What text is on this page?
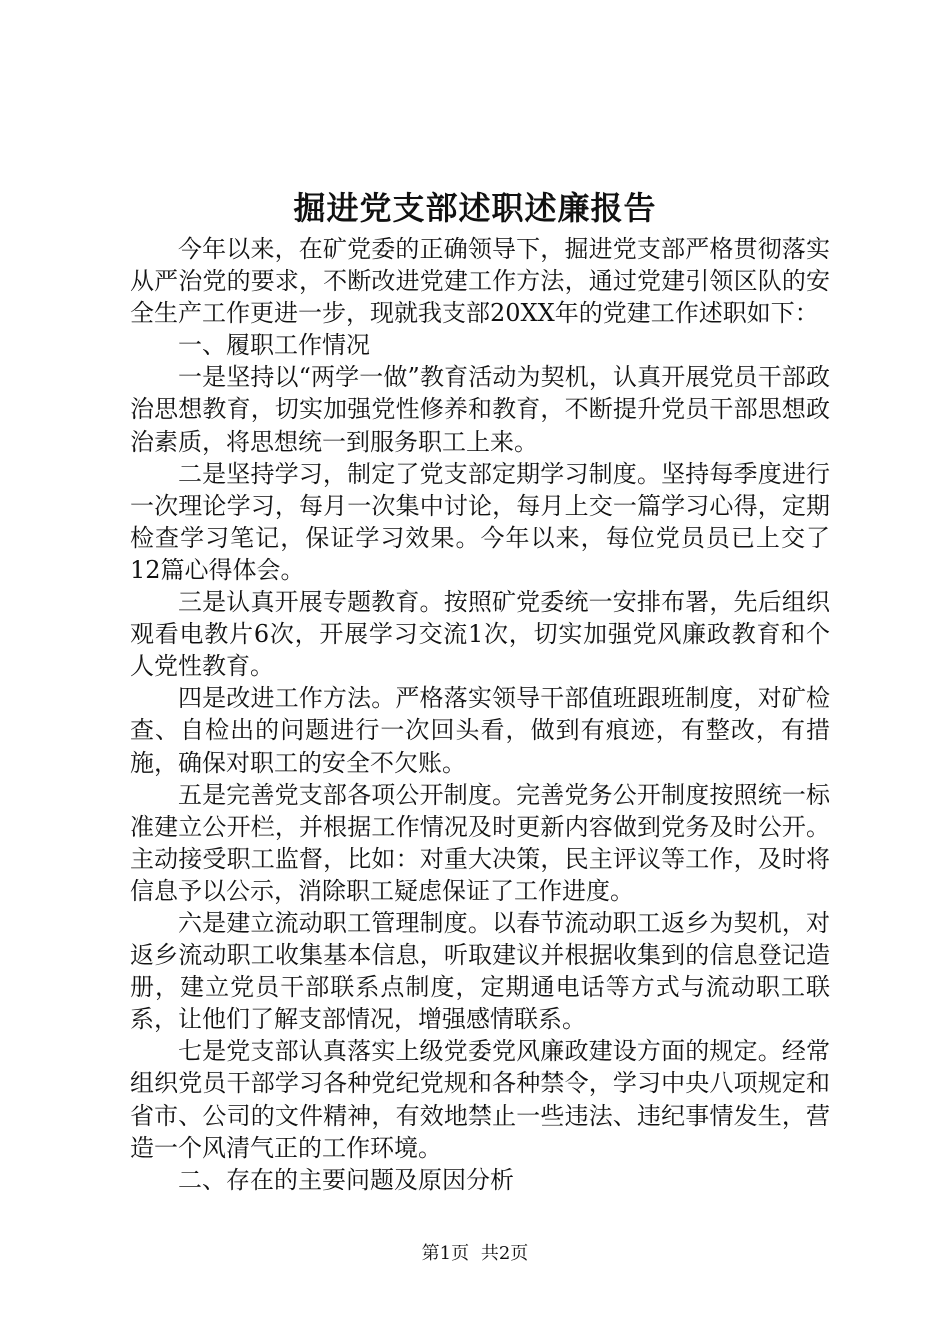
掘进党支部述职述廉报告

今年以来，在矿党委的正确领导下，掘进党支部严格贯彻落实从严治党的要求，不断改进党建工作方法，通过党建引领区队的安全生产工作更进一步，现就我支部20XX年的党建工作述职如下：

一、履职工作情况

一是坚持以“两学一做”教育活动为契机，认真开展党员干部政治思想教育，切实加强党性修养和教育，不断提升党员干部思想政治素质，将思想统一到服务职工上来。

二是坚持学习，制定了党支部定期学习制度。坚持每季度进行一次理论学习，每月一次集中讨论，每月上交一篇学习心得，定期检查学习笔记，保证学习效果。今年以来，每位党员员已上交了12篇心得体会。

三是认真开展专题教育。按照矿党委统一安排布署，先后组织观看电教片6次，开展学习交流1次，切实加强党风廉政教育和个人党性教育。

四是改进工作方法。严格落实领导干部值班跟班制度，对矿检查、自检出的问题进行一次回头看，做到有痕迹，有整改，有措施，确保对职工的安全不欠账。

五是完善党支部各项公开制度。完善党务公开制度按照统一标准建立公开栏，并根据工作情况及时更新内容做到党务及时公开。主动接受职工监督，比如：对重大决策，民主评议等工作，及时将信息予以公示，消除职工疑虑保证了工作进度。

六是建立流动职工管理制度。以春节流动职工返乡为契机，对返乡流动职工收集基本信息，听取建议并根据收集到的信息登记造册，建立党员干部联系点制度，定期通电话等方式与流动职工联系，让他们了解支部情况，增强感情联系。

七是党支部认真落实上级党委党风廉政建设方面的规定。经常组织党员干部学习各种党纪党规和各种禁令，学习中央八项规定和省市、公司的文件精神，有效地禁止一些违法、违纪事情发生，营造一个风清气正的工作环境。

二、存在的主要问题及原因分析

第1页 共2页
